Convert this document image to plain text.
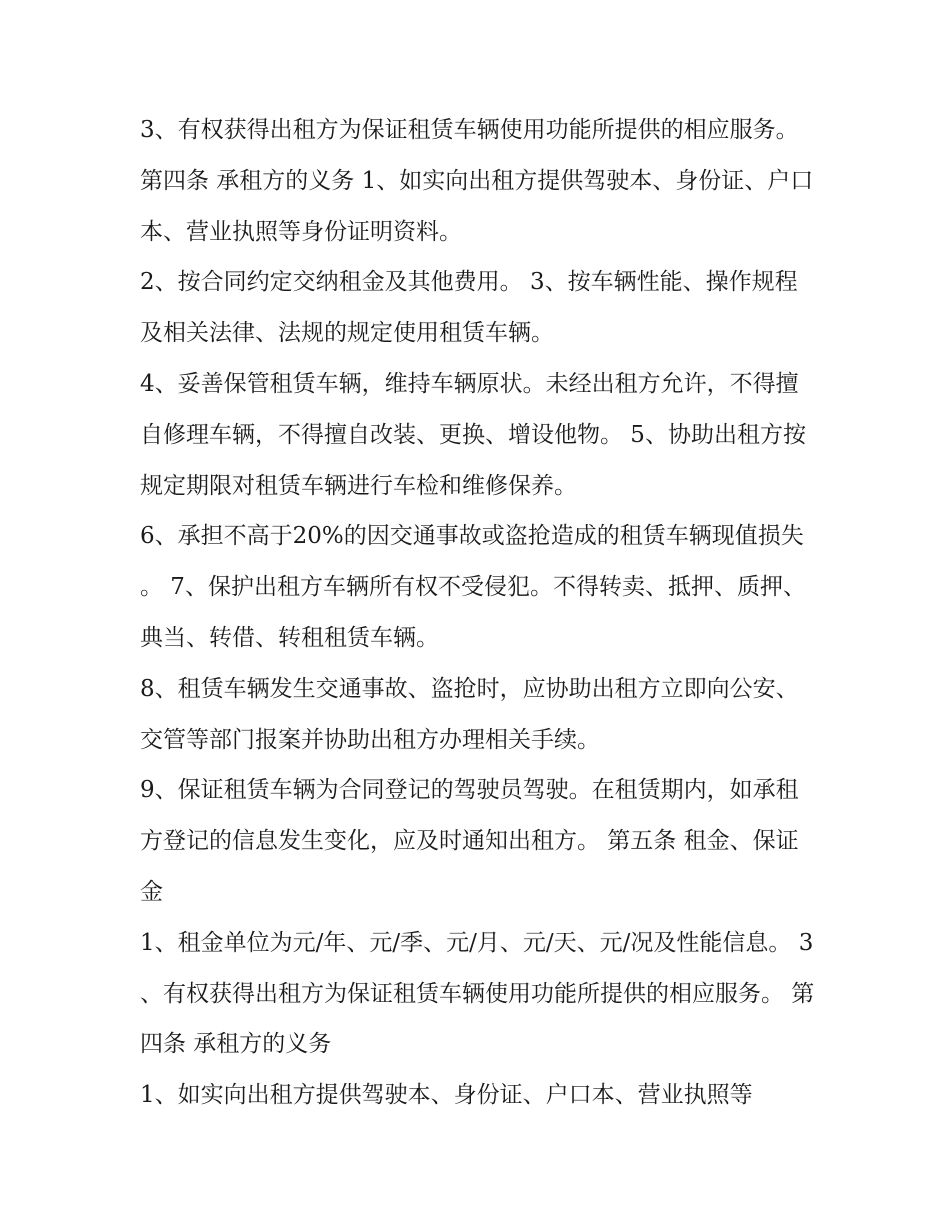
3、有权获得出租方为保证租赁车辆使用功能所提供的相应服务。 第四条 承租方的义务 1、如实向出租方提供驾驶本、身份证、户口本、营业执照等身份证明资料。

2、按合同约定交纳租金及其他费用。 3、按车辆性能、操作规程及相关法律、法规的规定使用租赁车辆。

4、妥善保管租赁车辆，维持车辆原状。未经出租方允许，不得擅自修理车辆，不得擅自改装、更换、增设他物。 5、协助出租方按规定期限对租赁车辆进行车检和维修保养。

6、承担不高于20%的因交通事故或盗抢造成的租赁车辆现值损失。 7、保护出租方车辆所有权不受侵犯。不得转卖、抵押、质押、典当、转借、转租租赁车辆。

8、租赁车辆发生交通事故、盗抢时，应协助出租方立即向公安、交管等部门报案并协助出租方办理相关手续。

9、保证租赁车辆为合同登记的驾驶员驾驶。在租赁期内，如承租方登记的信息发生变化，应及时通知出租方。 第五条 租金、保证金

1、租金单位为元/年、元/季、元/月、元/天、元/况及性能信息。 3、有权获得出租方为保证租赁车辆使用功能所提供的相应服务。 第四条 承租方的义务

1、如实向出租方提供驾驶本、身份证、户口本、营业执照等
